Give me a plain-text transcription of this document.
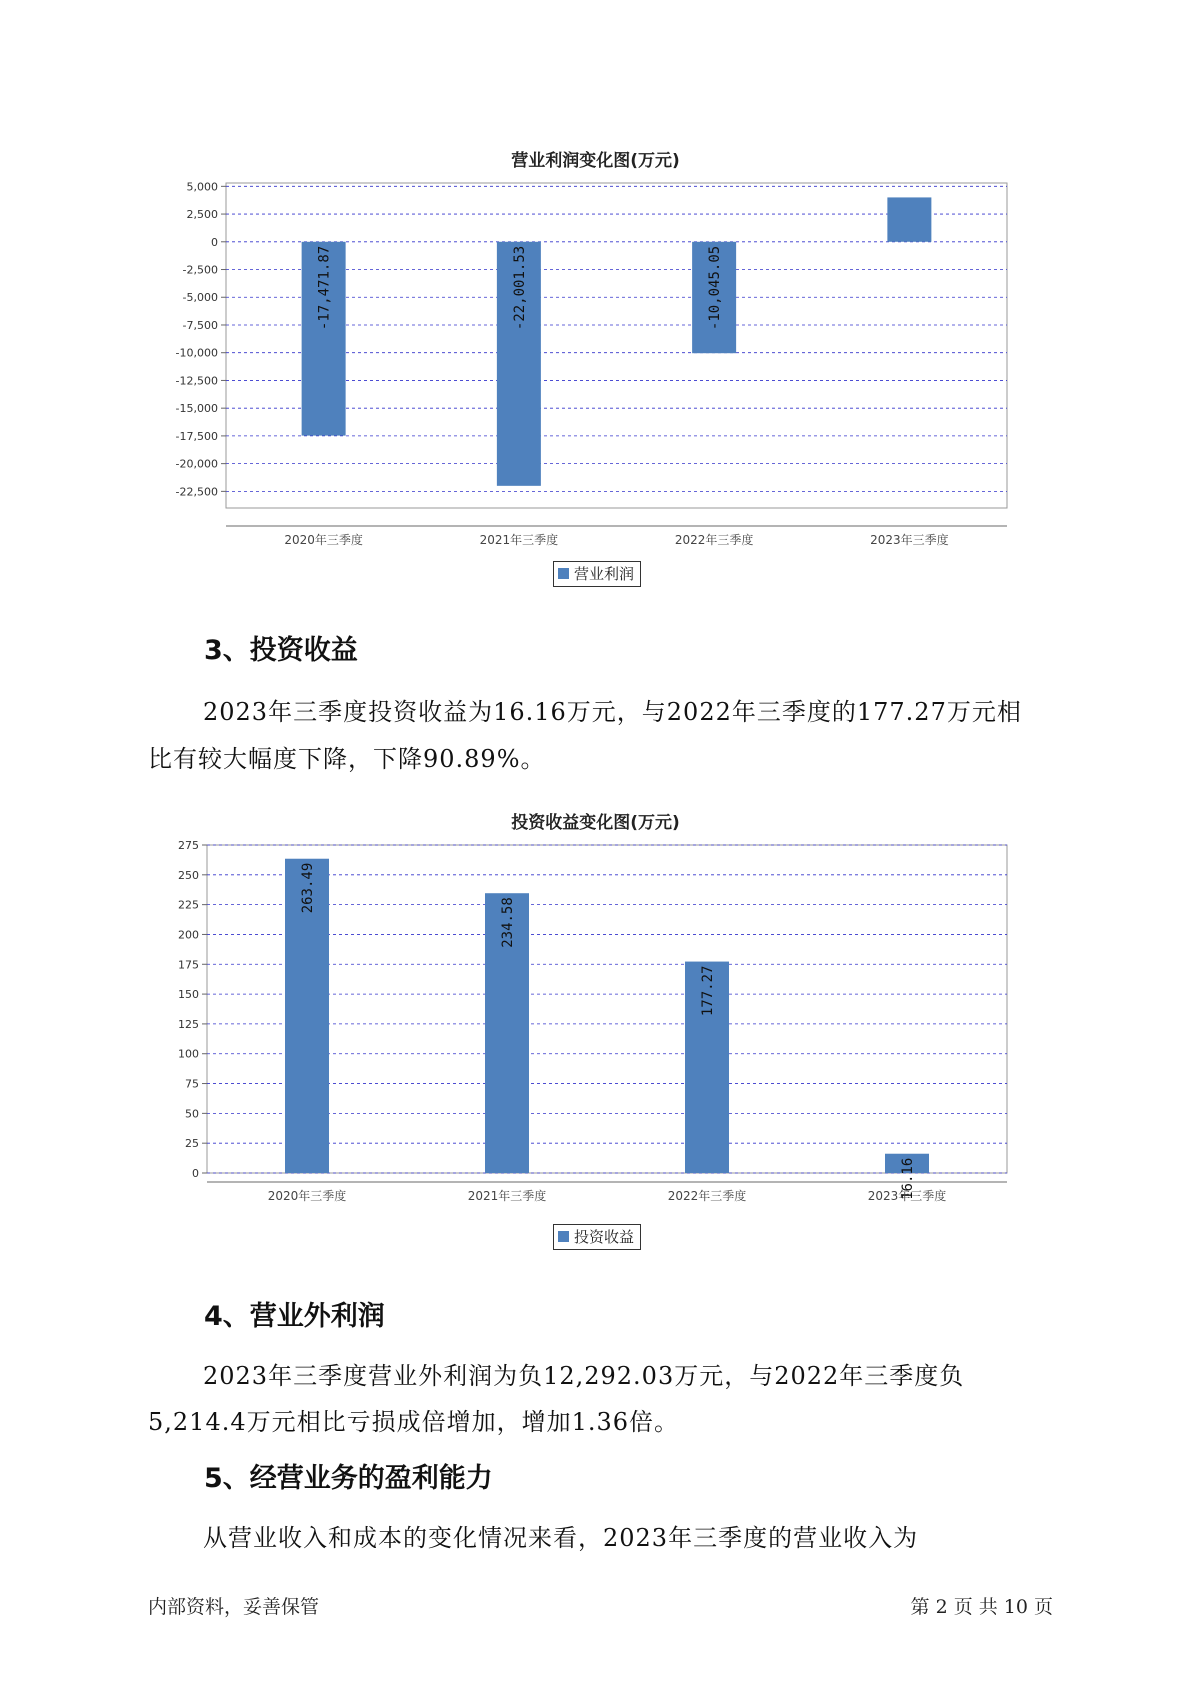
营业利润变化图(万元)
5,000
2,500
0
-2,500
-5,000
-7,500
-10,000
-12,500
-15,000
-17,500
-20,000
-22,500
-17,471.87
2020年三季度
-22,001.53
2021年三季度
-10,045.05
2022年三季度	2023年三季度
营业利润
3、投资收益
2023年三季度投资收益为16.16万元，与2022年三季度的177.27万元相
比有较大幅度下降，下降90.89%。
投资收益变化图(万元)
275
250
225
200
175
150
125
100
75
50
25
0
263.49
2020年三季度
234.58
2021年三季度
177.27
2022年三季度	16.16
2023年三季度
投资收益
4、营业外利润
2023年三季度营业外利润为负12,292.03万元，与2022年三季度负
5,214.4万元相比亏损成倍增加，增加1.36倍。
5、经营业务的盈利能力
从营业收入和成本的变化情况来看，2023年三季度的营业收入为
内部资料，妥善保管	第 2 页 共 10 页
